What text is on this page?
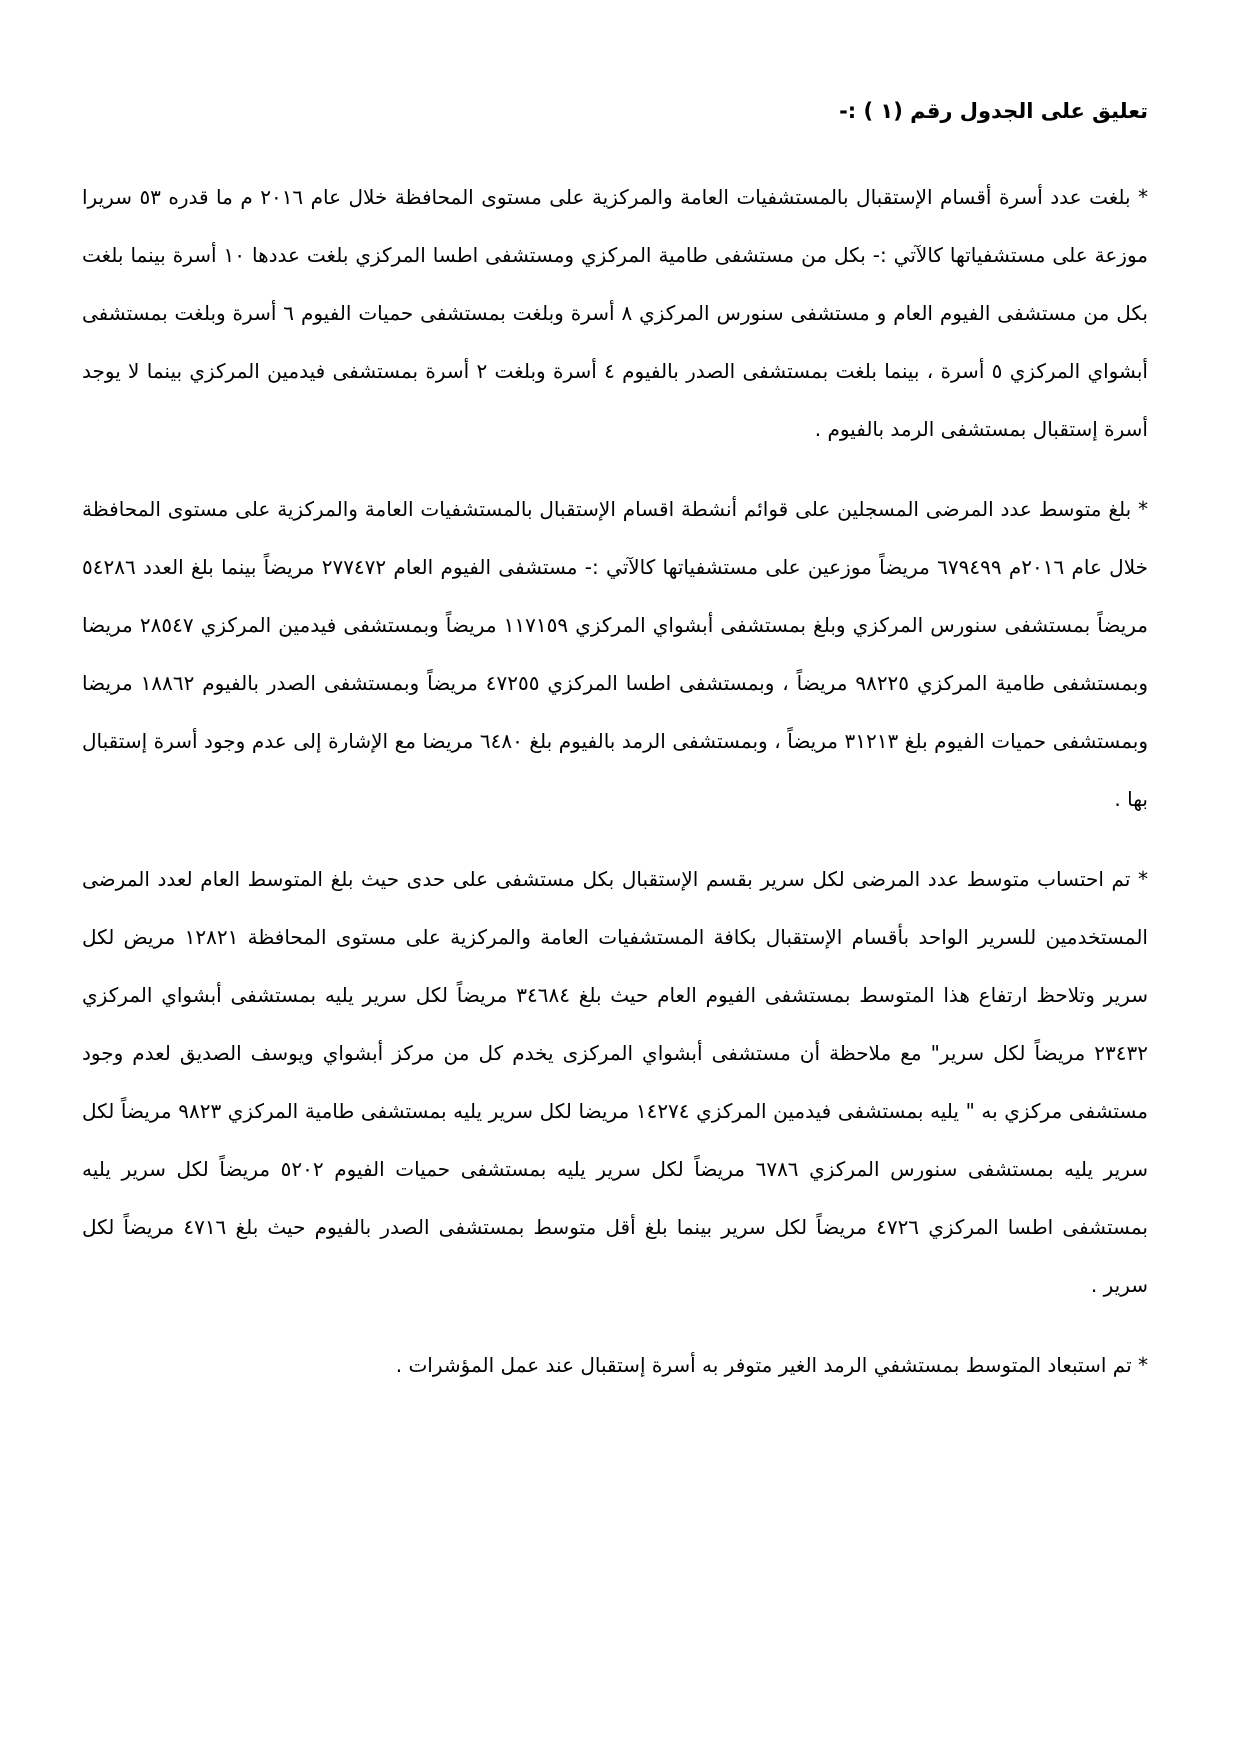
تعليق على الجدول رقم (١ ) :-

* بلغت عدد أسرة أقسام الإستقبال بالمستشفيات العامة والمركزية على مستوى المحافظة خلال عام ٢٠١٦ م ما قدره ٥٣ سريرا موزعة على مستشفياتها كالآتي :- بكل من مستشفى طامية المركزي ومستشفى اطسا المركزي بلغت عددها ١٠ أسرة بينما بلغت بكل من مستشفى الفيوم العام و مستشفى سنورس المركزي ٨ أسرة وبلغت بمستشفى حميات الفيوم ٦ أسرة وبلغت بمستشفى أبشواي المركزي ٥ أسرة ، بينما بلغت بمستشفى الصدر بالفيوم ٤ أسرة وبلغت ٢ أسرة بمستشفى فيدمين المركزي بينما لا يوجد أسرة إستقبال بمستشفى الرمد بالفيوم .

* بلغ متوسط عدد المرضى المسجلين على قوائم أنشطة اقسام الإستقبال بالمستشفيات العامة والمركزية على مستوى المحافظة خلال عام ٢٠١٦م ٦٧٩٤٩٩ مريضاً موزعين على مستشفياتها كالآتي :- مستشفى الفيوم العام ٢٧٧٤٧٢ مريضاً بينما بلغ العدد ٥٤٢٨٦ مريضاً بمستشفى سنورس المركزي وبلغ بمستشفى أبشواي المركزي ١١٧١٥٩ مريضاً وبمستشفى فيدمين المركزي ٢٨٥٤٧ مريضا وبمستشفى طامية المركزي ٩٨٢٢٥ مريضاً ، وبمستشفى اطسا المركزي ٤٧٢٥٥ مريضاً وبمستشفى الصدر بالفيوم ١٨٨٦٢ مريضا وبمستشفى حميات الفيوم بلغ ٣١٢١٣ مريضاً ، وبمستشفى الرمد بالفيوم بلغ ٦٤٨٠ مريضا مع الإشارة إلى عدم وجود أسرة إستقبال بها .

* تم احتساب متوسط عدد المرضى لكل سرير بقسم الإستقبال بكل مستشفى على حدى حيث بلغ المتوسط العام لعدد المرضى المستخدمين للسرير الواحد بأقسام الإستقبال بكافة المستشفيات العامة والمركزية على مستوى المحافظة ١٢٨٢١ مريض لكل سرير وتلاحظ ارتفاع هذا المتوسط بمستشفى الفيوم العام حيث بلغ ٣٤٦٨٤ مريضاً لكل سرير يليه بمستشفى أبشواي المركزي ٢٣٤٣٢ مريضاً لكل سرير" مع ملاحظة أن مستشفى أبشواي المركزى يخدم كل من مركز أبشواي ويوسف الصديق لعدم وجود مستشفى مركزي به " يليه بمستشفى فيدمين المركزي ١٤٢٧٤ مريضا لكل سرير يليه بمستشفى طامية المركزي ٩٨٢٣ مريضاً لكل سرير يليه بمستشفى سنورس المركزي ٦٧٨٦ مريضاً لكل سرير يليه بمستشفى حميات الفيوم ٥٢٠٢ مريضاً لكل سرير يليه بمستشفى اطسا المركزي ٤٧٢٦ مريضاً لكل سرير بينما بلغ أقل متوسط بمستشفى الصدر بالفيوم حيث بلغ ٤٧١٦ مريضاً لكل سرير .

* تم استبعاد المتوسط بمستشفي الرمد الغير متوفر به أسرة إستقبال عند عمل المؤشرات .
